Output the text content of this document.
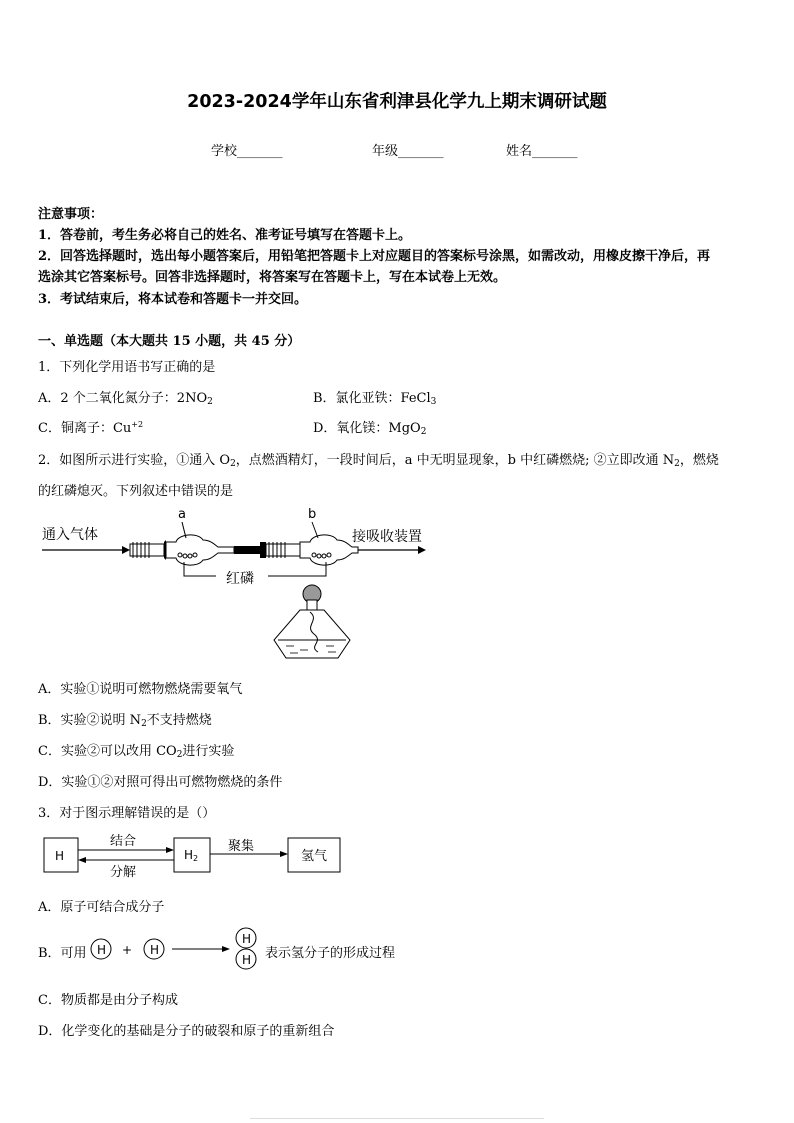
2023-2024学年山东省利津县化学九上期末调研试题
学校_______	年级_______	姓名_______
注意事项：
1．答卷前，考生务必将自己的姓名、准考证号填写在答题卡上。
2．回答选择题时，选出每小题答案后，用铅笔把答题卡上对应题目的答案标号涂黑，如需改动，用橡皮擦干净后，再
选涂其它答案标号。回答非选择题时，将答案写在答题卡上，写在本试卷上无效。
3．考试结束后，将本试卷和答题卡一并交回。
一、单选题（本大题共 15 小题，共 45 分）
1．下列化学用语书写正确的是
A．2 个二氧化氮分子：$2NO_2$	B．氯化亚铁：FeCl$_3$
C．铜离子：$Cu^{+2}$	D．氧化镁：MgO$_2$
2．如图所示进行实验，①通入 $O_2$，点燃酒精灯，一段时间后，a 中无明显现象，b 中红磷燃烧; ②立即改通 $N_2$，燃烧
的红磷熄灭。下列叙述中错误的是
通入气体
a	b
接吸收装置
红磷
A．实验①说明可燃物燃烧需要氧气
B．实验②说明 $N_2$不支持燃烧
C．实验②可以改用 $CO_2$进行实验
D．实验①②对照可得出可燃物燃烧的条件
3．对于图示理解错误的是（）
H
结合
分解
H2
聚集
氢气
A．原子可结合成分子
B．可用 H + H
H
H 表示氢分子的形成过程
C．物质都是由分子构成
D．化学变化的基础是分子的破裂和原子的重新组合
